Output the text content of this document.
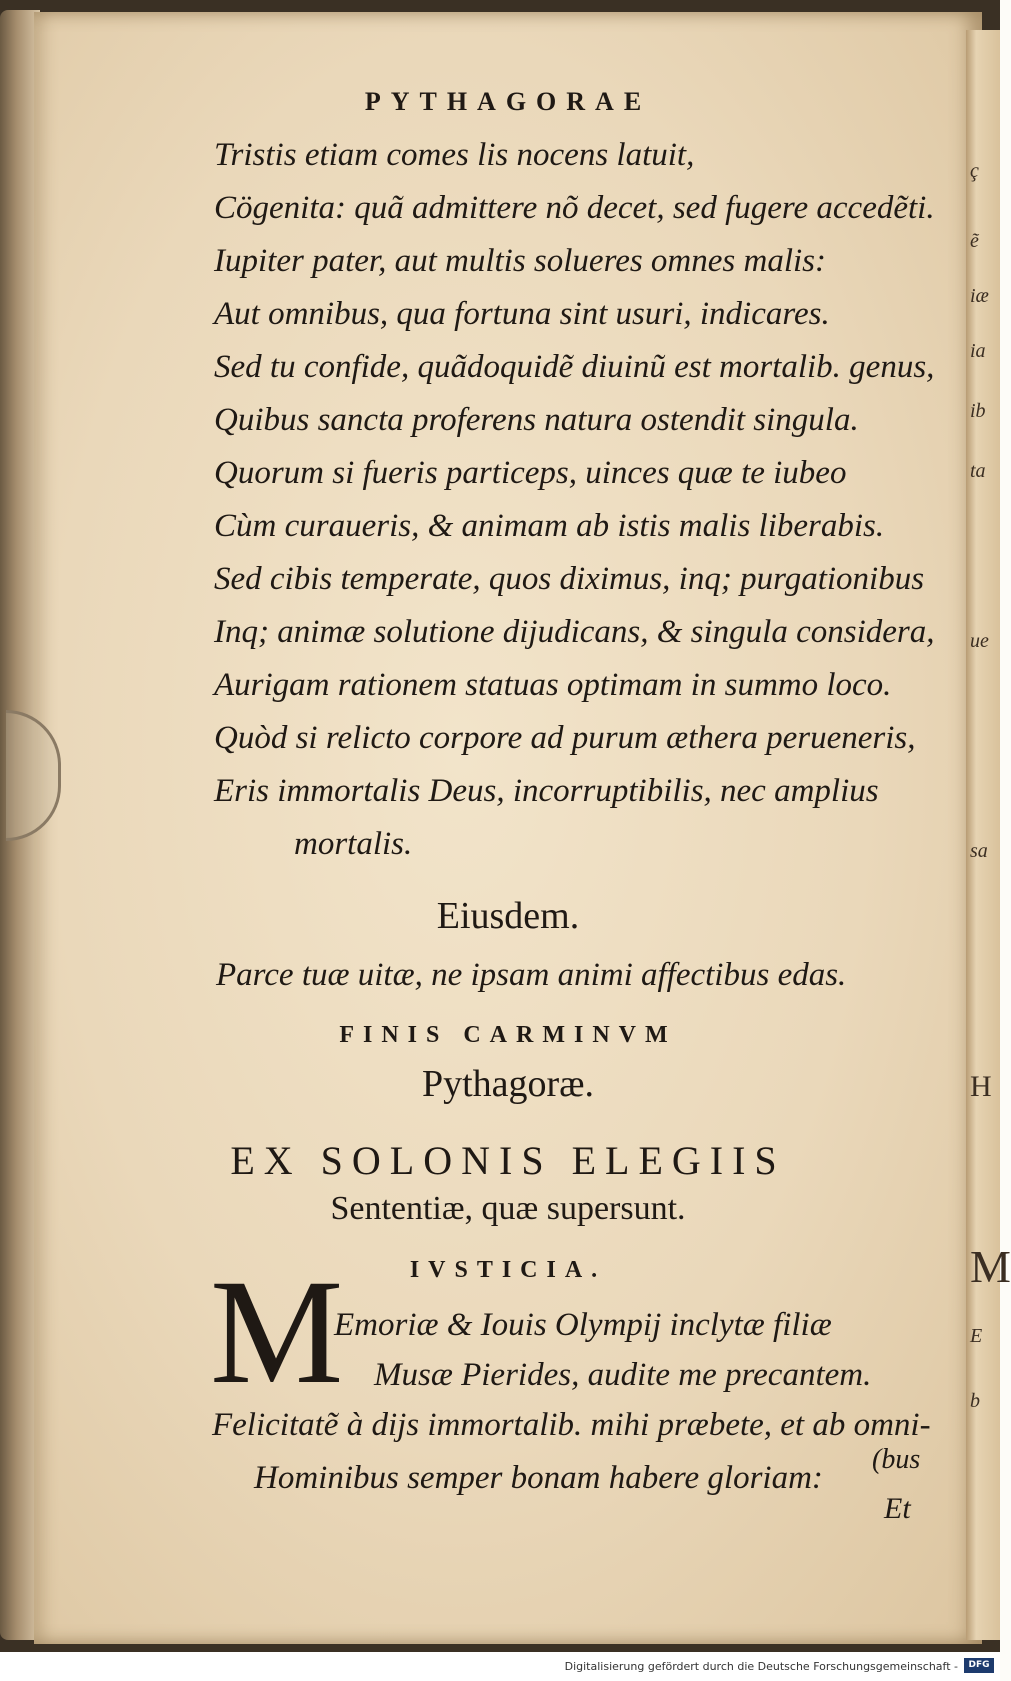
PYTHAGORAE
Tristis etiam comes lis nocens latuit,
Cögenita: quã admittere nõ decet, sed fugere accedẽti.
Iupiter pater, aut multis solueres omnes malis:
Aut omnibus, qua fortuna sint usuri, indicares.
Sed tu confide, quãdoquidẽ diuinũ est mortalib. genus,
Quibus sancta proferens natura ostendit singula.
Quorum si fueris particeps, uinces quæ te iubeo
Cùm curaueris, & animam ab istis malis liberabis.
Sed cibis temperate, quos diximus, inq; purgationibus
Inq; animæ solutione dijudicans, & singula considera,
Aurigam rationem statuas optimam in summo loco.
Quòd si relicto corpore ad purum æthera perueneris,
Eris immortalis Deus, incorruptibilis, nec amplius
mortalis.
Eiusdem.
Parce tuæ uitæ, ne ipsam animi affectibus edas.
FINIS CARMINVM
Pythagoræ.
EX SOLONIS ELEGIIS
Sententiæ, quæ supersunt.
IVSTICIA.
M
Emoriæ & Iouis Olympij inclytæ filiæ
Musæ Pierides, audite me precantem.
Felicitatẽ à dijs immortalib. mihi præbete, et ab omni-
Hominibus semper bonam habere gloriam:
(bus
Et
ç
ẽ
iæ
ia
ib
ta
ue
sa
H
M
E
b
Digitalisierung gefördert durch die Deutsche Forschungsgemeinschaft -	DFG
